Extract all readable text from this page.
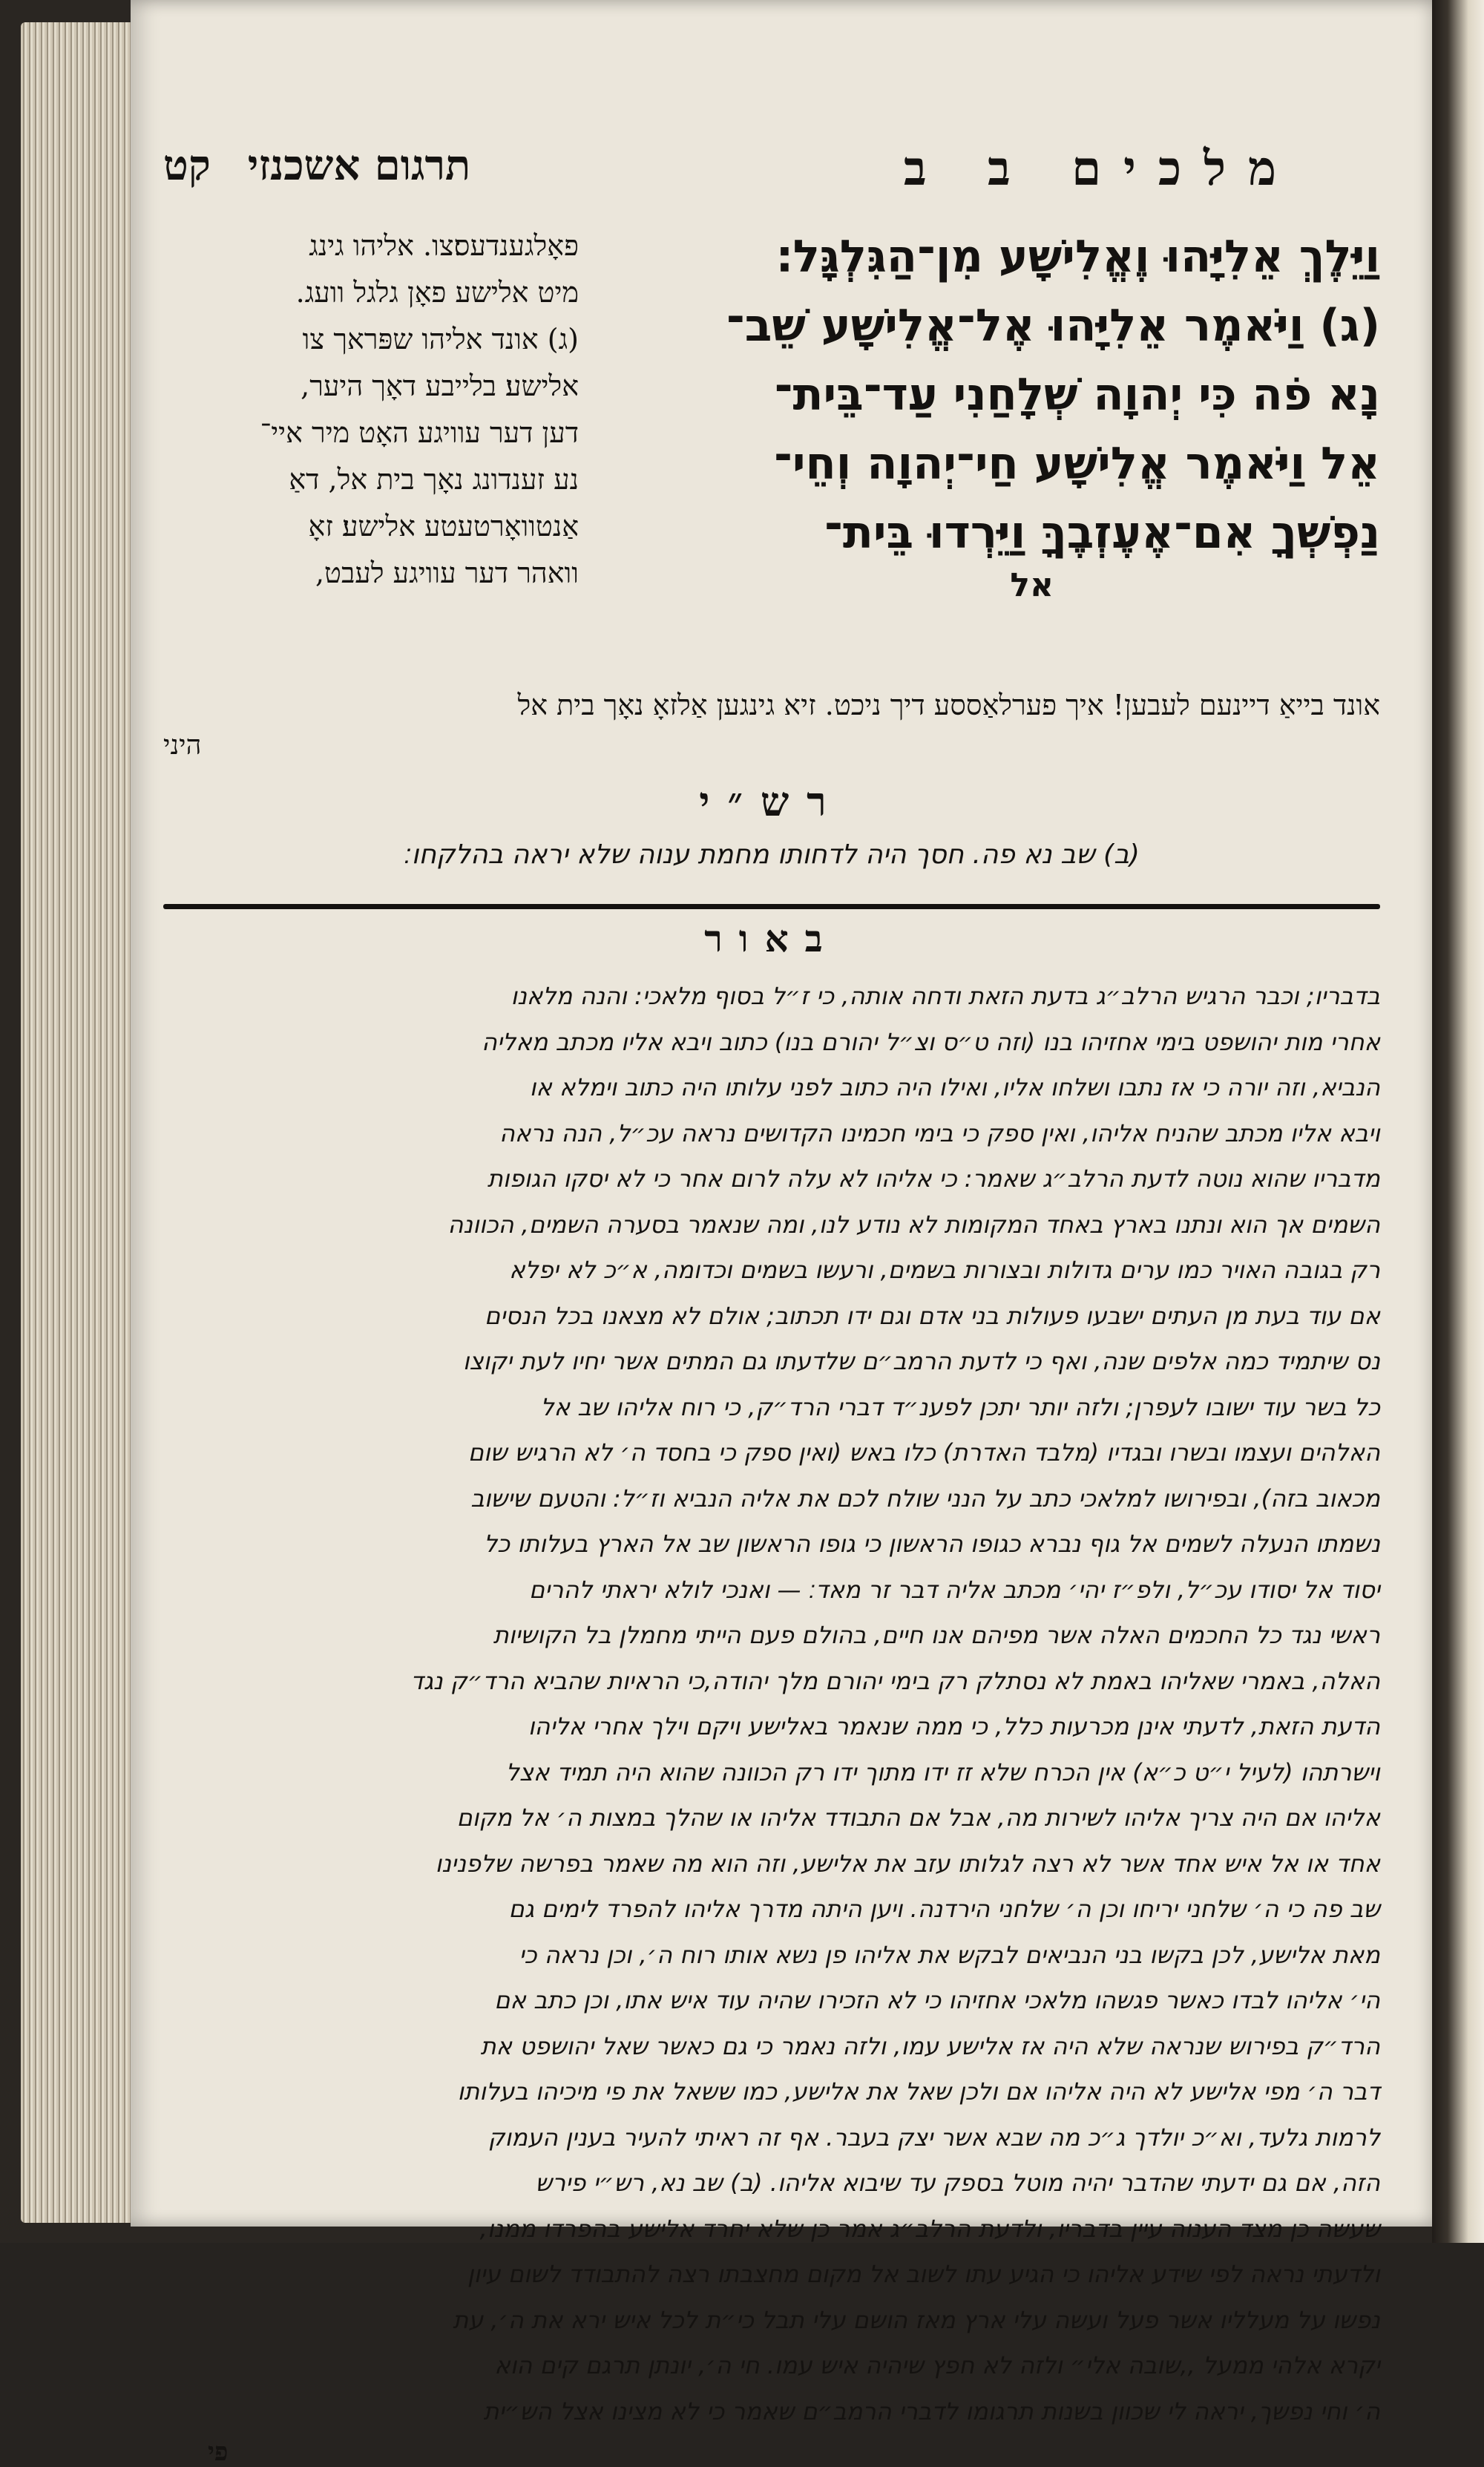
מלכים ב ב
תרגום אשכנזיקט
וַיֵּלֶךְ אֵלִיָּהוּ וֶאֱלִישָׁע מִן־הַגִּלְגָּל׃
(ג) וַיֹּאמֶר אֵלִיָּהוּ אֶל־אֱלִישָׁע שֵׁב־
נָא פֹה כִּי יְהוָה שְׁלָחַנִי עַד־בֵּית־
אֵל וַיֹּאמֶר אֱלִישָׁע חַי־יְהוָה וְחֵי־
נַפְשְׁךָ אִם־אֶעֶזְבֶךָּ וַיֵּרְדוּ בֵּית־
אל
פאָלגענדעס׃צו. אליהו גינג
מיט אלישע פאָן גלגל וועג.
(ג) אונד אליהו שפּראך צו
אלישע׃ בלייבע דאָך היער,
דען דער עוויגע האָט מיר איי־
נע זענדונג נאָך בית אל, דאַ
אַנטוואָרטעטע אלישע׃ זאָ
וואהר דער עוויגע לעבט,
אונד בייאַ דיינעם לעבען! איך פערלאַססע דיך ניכט. זיא גינגען אַלזאָ נאָך בית אל
היני
רש״י
(ב) שב נא פה. חסך היה לדחותו מחמת ענוה שלא יראה בהלקחו׃
באור
בדבריו; וכבר הרגיש הרלב״ג בדעת הזאת ודחה אותה, כי ז״ל בסוף מלאכי: והנה מלאנו
אחרי מות יהושפט בימי אחזיהו בנו (וזה ט״ס וצ״ל יהורם בנו) כתוב ויבא אליו מכתב מאליה
הנביא, וזה יורה כי אז נתבו ושלחו אליו, ואילו היה כתוב לפני עלותו היה כתוב וימלא או
ויבא אליו מכתב שהניח אליהו, ואין ספק כי בימי חכמינו הקדושים נראה עכ״ל, הנה נראה
מדבריו שהוא נוטה לדעת הרלב״ג שאמר: כי אליהו לא עלה לרום אחר כי לא יסקו הגופות
השמים אך הוא ונתנו בארץ באחד המקומות לא נודע לנו, ומה שנאמר בסערה השמים, הכוונה
רק בגובה האויר כמו ערים גדולות ובצורות בשמים, ורעשו בשמים וכדומה, א״כ לא יפלא
אם עוד בעת מן העתים ישבעו פעולות בני אדם וגם ידו תכתוב; אולם לא מצאנו בכל הנסים
נס שיתמיד כמה אלפים שנה, ואף כי לדעת הרמב״ם שלדעתו גם המתים אשר יחיו לעת יקוצו
כל בשר עוד ישובו לעפרן; ולזה יותר יתכן לפענ״ד דברי הרד״ק, כי רוח אליהו שב אל
האלהים ועצמו ובשרו ובגדיו (מלבד האדרת) כלו באש (ואין ספק כי בחסד ה׳ לא הרגיש שום
מכאוב בזה), ובפירושו למלאכי כתב על הנני שולח לכם את אליה הנביא וז״ל: והטעם שישוב
נשמתו הנעלה לשמים אל גוף נברא כגופו הראשון כי גופו הראשון שב אל הארץ בעלותו כל
יסוד אל יסודו עכ״ל, ולפ״ז יהי׳ מכתב אליה דבר זר מאד׃ — ואנכי לולא יראתי להרים
ראשי נגד כל החכמים האלה אשר מפיהם אנו חיים, בהולם פעם הייתי מחמלן בל הקושיות
האלה, באמרי שאליהו באמת לא נסתלק רק בימי יהורם מלך יהודה,כי הראיות שהביא הרד״ק נגד
הדעת הזאת, לדעתי אינן מכרעות כלל, כי ממה שנאמר באלישע ויקם וילך אחרי אליהו
וישרתהו (לעיל י״ט כ״א) אין הכרח שלא זז ידו מתוך ידו רק הכוונה שהוא היה תמיד אצל
אליהו אם היה צריך אליהו לשירות מה, אבל אם התבודד אליהו או שהלך במצות ה׳ אל מקום
אחד או אל איש אחד אשר לא רצה לגלותו עזב את אלישע, וזה הוא מה שאמר בפרשה שלפנינו
שב פה כי ה׳ שלחני יריחו וכן ה׳ שלחני הירדנה. ויען היתה מדרך אליהו להפרד לימים גם
מאת אלישע, לכן בקשו בני הנביאים לבקש את אליהו פן נשא אותו רוח ה׳, וכן נראה כי
הי׳ אליהו לבדו כאשר פגשהו מלאכי אחזיהו כי לא הזכירו שהיה עוד איש אתו, וכן כתב אם
הרד״ק בפירוש שנראה שלא היה אז אלישע עמו, ולזה נאמר כי גם כאשר שאל יהושפט את
דבר ה׳ מפי אלישע לא היה אליהו אם ולכן שאל את אלישע, כמו ששאל את פי מיכיהו בעלותו
לרמות גלעד, וא״כ יולדך ג״כ מה שבא אשר יצק בעבר. אף זה ראיתי להעיר בענין העמוק
הזה, אם גם ידעתי שהדבר יהיה מוטל בספק עד שיבוא אליהו. (ב) שב נא, רש״י פירש
שעשה כן מצד הענוה עיין בדבריו, ולדעת הרלב״ג אמר כן שלא יחרד אלישע בהפרדו ממנו,
ולדעתי נראה לפי שידע אליהו כי הגיע עתו לשוב אל מקום מחצבתו רצה להתבודד לשום עיון
נפשו על מעלליו אשר פעל ועשה עלי ארץ מאז הושם עלי תבל כי״ת לכל איש ירא את ה׳, עת
יקרא אלהי ממעל ,,שובה אלי״ ולזה לא חפץ שיהיה איש עמו. חי ה׳, יונתן תרגם קים הוא
ה׳ וחי נפשך, יראה לי שכוון בשנות תרגומו לדברי הרמב״ם שאמר כי לא מצינו אצל הש״ית
פי
